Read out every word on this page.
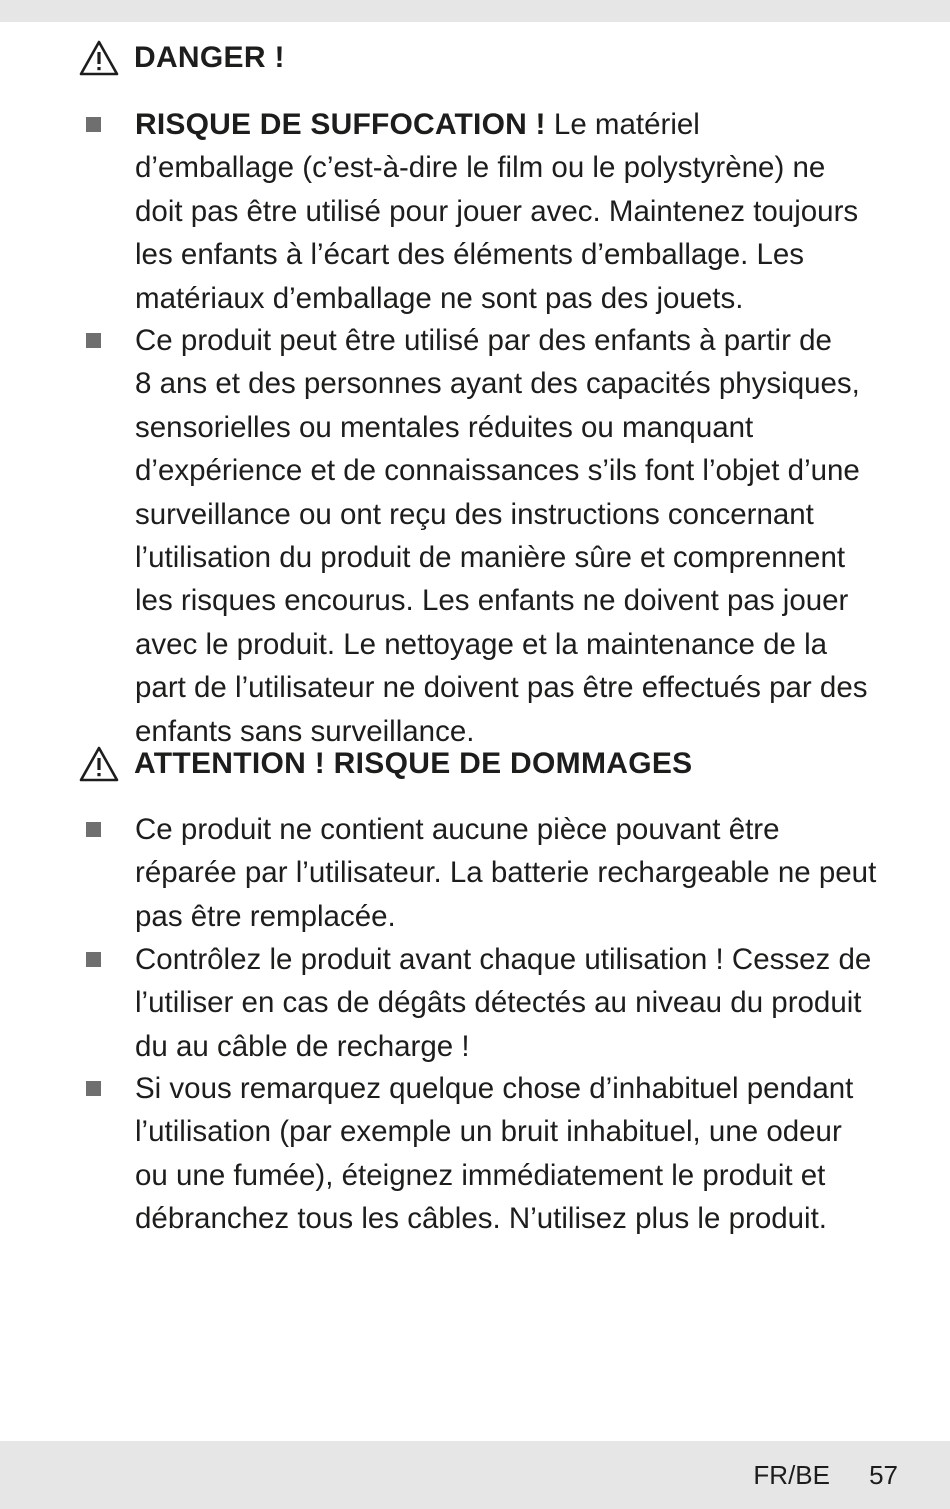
DANGER !
RISQUE DE SUFFOCATION ! Le matériel
d’emballage (c’est-à-dire le film ou le polystyrène) ne
doit pas être utilisé pour jouer avec. Maintenez toujours
les enfants à l’écart des éléments d’emballage. Les
matériaux d’emballage ne sont pas des jouets.
Ce produit peut être utilisé par des enfants à partir de
8 ans et des personnes ayant des capacités physiques,
sensorielles ou mentales réduites ou manquant
d’expérience et de connaissances s’ils font l’objet d’une
surveillance ou ont reçu des instructions concernant
l’utilisation du produit de manière sûre et comprennent
les risques encourus. Les enfants ne doivent pas jouer
avec le produit. Le nettoyage et la maintenance de la
part de l’utilisateur ne doivent pas être effectués par des
enfants sans surveillance.
ATTENTION ! RISQUE DE DOMMAGES
Ce produit ne contient aucune pièce pouvant être
réparée par l’utilisateur. La batterie rechargeable ne peut
pas être remplacée.
Contrôlez le produit avant chaque utilisation ! Cessez de
l’utiliser en cas de dégâts détectés au niveau du produit
du au câble de recharge !
Si vous remarquez quelque chose d’inhabituel pendant
l’utilisation (par exemple un bruit inhabituel, une odeur
ou une fumée), éteignez immédiatement le produit et
débranchez tous les câbles. N’utilisez plus le produit.
FR/BE 57
